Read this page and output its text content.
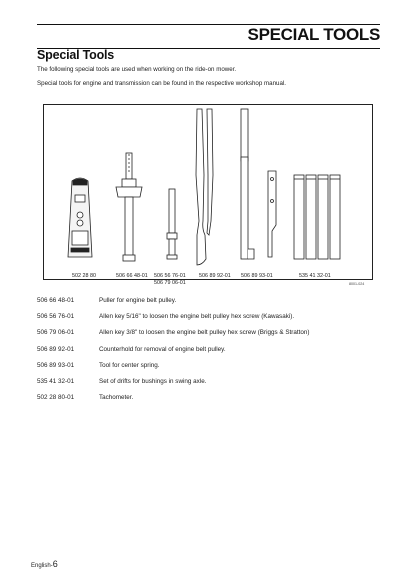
SPECIAL TOOLS
Special Tools
The following special tools are used when working on the ride-on mower.
Special tools for engine and transmission can be found in the respective workshop manual.
502 28 80	506 66 48-01 506 56 76-01
506 79 06-01
506 89 92-01 506 89 93-01	535 41 32-01
8001-024
506 66 48-01	Puller for engine belt pulley.
506 56 76-01	Allen key 5/16" to loosen the engine belt pulley hex screw (Kawasaki).
506 79 06-01	Allen key 3/8" to loosen the engine belt pulley hex screw (Briggs & Stratton)
506 89 92-01	Counterhold for removal of engine belt pulley.
506 89 93-01	Tool for center spring.
535 41 32-01	Set of drifts for bushings in swing axle.
502 28 80-01	Tachometer.
English-6
